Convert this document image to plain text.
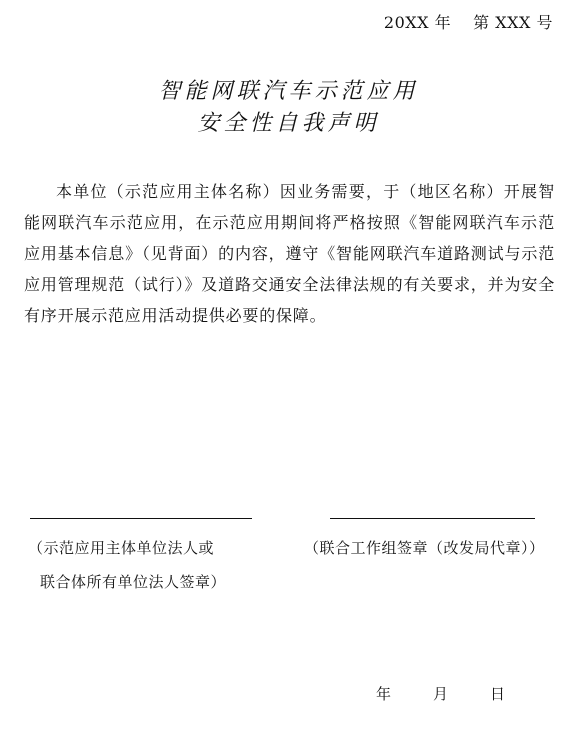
20XX 年 第 XXX 号
智能网联汽车示范应用
安全性自我声明
本单位（示范应用主体名称）因业务需要，于（地区名称）开展智能网联汽车示范应用，在示范应用期间将严格按照《智能网联汽车示范应用基本信息》（见背面）的内容，遵守《智能网联汽车道路测试与示范应用管理规范（试行）》及道路交通安全法律法规的有关要求，并为安全有序开展示范应用活动提供必要的保障。
（示范应用主体单位法人或
联合体所有单位法人签章）
（联合工作组签章（改发局代章））
年	月	日
